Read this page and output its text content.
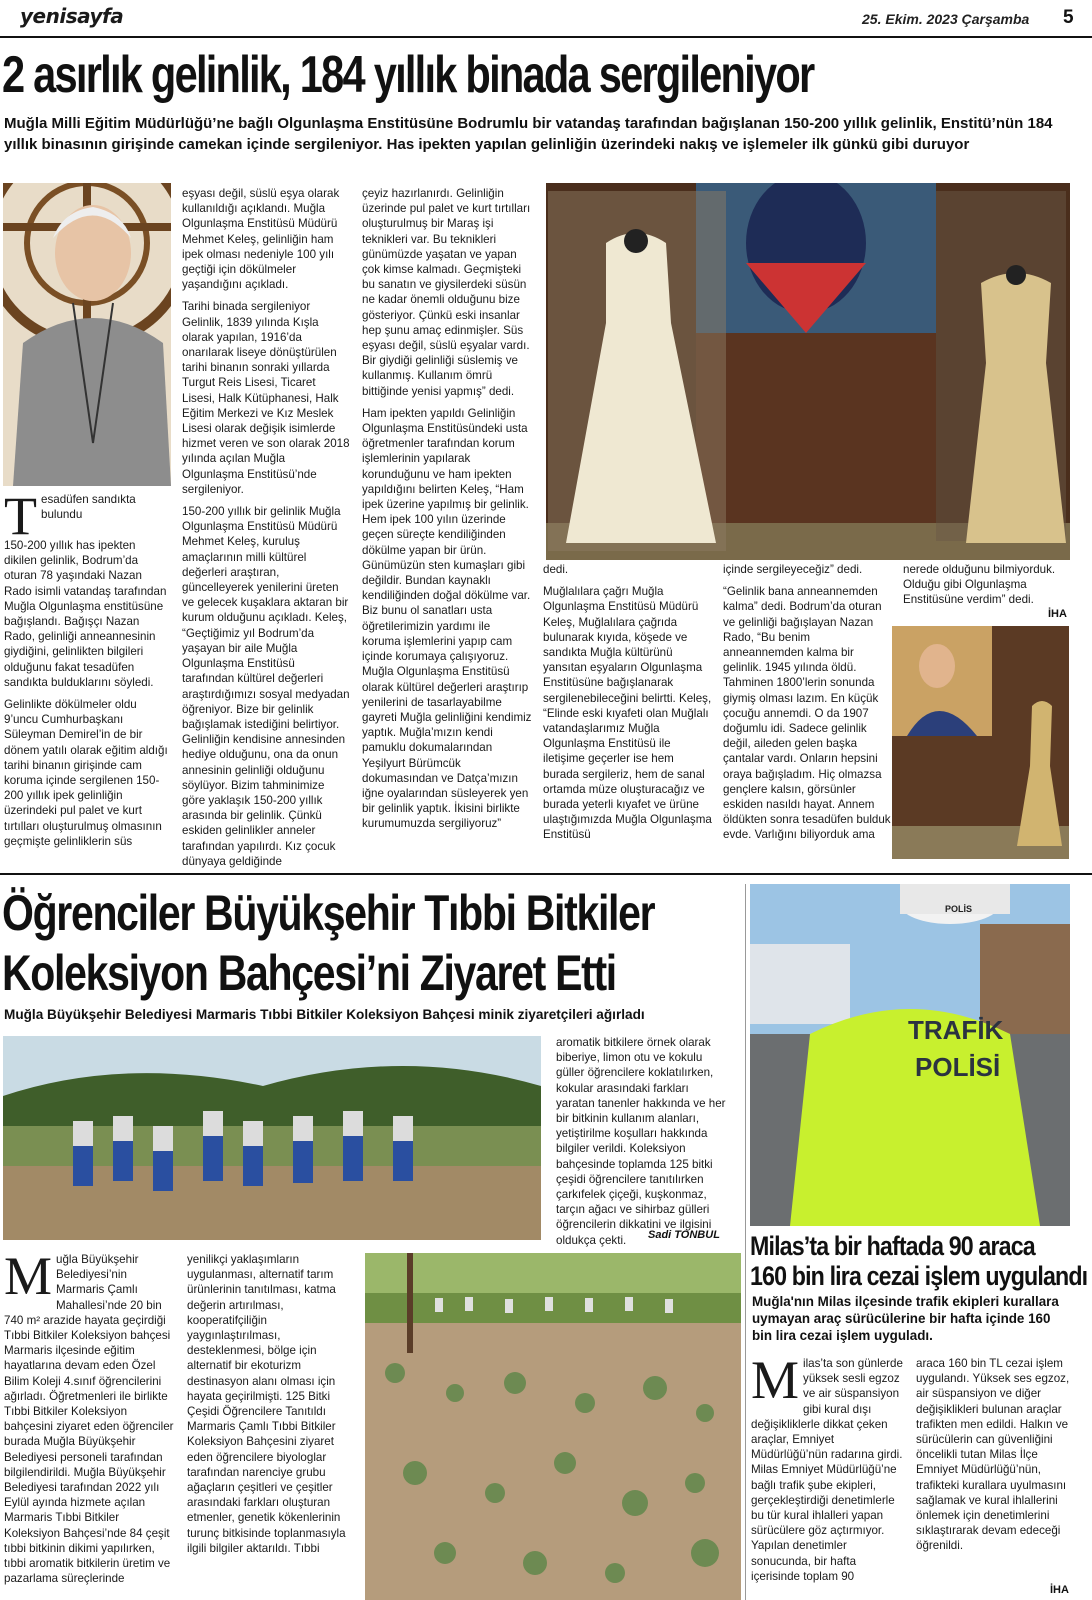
yenisayfa	25. Ekim. 2023 Çarşamba 5
2 asırlık gelinlik, 184 yıllık binada sergileniyor
Muğla Milli Eğitim Müdürlüğü’ne bağlı Olgunlaşma Enstitüsüne Bodrumlu bir vatandaş tarafından bağışlanan 150-200 yıllık gelinlik, Enstitü’nün 184 yıllık binasının girişinde camekan içinde sergileniyor. Has ipekten yapılan gelinliğin üzerindeki nakış ve işlemeler ilk günkü gibi duruyor

Tesadüfen sandıkta bulundu

150-200 yıllık has ipekten dikilen gelinlik, Bodrum’da oturan 78 yaşındaki Nazan Rado isimli vatandaş tarafından Muğla Olgunlaşma enstitüsüne bağışlandı. Bağışçı Nazan Rado, gelinliği anneannesinin giydiğini, gelinlikten bilgileri olduğunu fakat tesadüfen sandıkta bulduklarını söyledi.

Gelinlikte dökülmeler oldu 9’uncu Cumhurbaşkanı Süleyman Demirel’in de bir dönem yatılı olarak eğitim aldığı tarihi binanın girişinde cam koruma içinde sergilenen 150-200 yıllık ipek gelinliğin üzerindeki pul palet ve kurt tırtılları oluşturulmuş olmasının geçmişte gelinliklerin süs

eşyası değil, süslü eşya olarak kullanıldığı açıklandı. Muğla Olgunlaşma Enstitüsü Müdürü Mehmet Keleş, gelinliğin ham ipek olması nedeniyle 100 yılı geçtiği için dökülmeler yaşandığını açıkladı.

Tarihi binada sergileniyor Gelinlik, 1839 yılında Kışla olarak yapılan, 1916’da onarılarak liseye dönüştürülen tarihi binanın sonraki yıllarda Turgut Reis Lisesi, Ticaret Lisesi, Halk Kütüphanesi, Halk Eğitim Merkezi ve Kız Meslek Lisesi olarak değişik isimlerde hizmet veren ve son olarak 2018 yılında açılan Muğla Olgunlaşma Enstitüsü’nde sergileniyor.

150-200 yıllık bir gelinlik Muğla Olgunlaşma Enstitüsü Müdürü Mehmet Keleş, kuruluş amaçlarının milli kültürel değerleri araştıran, güncelleyerek yenilerini üreten ve gelecek kuşaklara aktaran bir kurum olduğunu açıkladı. Keleş, “Geçtiğimiz yıl Bodrum’da yaşayan bir aile Muğla Olgunlaşma Enstitüsü tarafından kültürel değerleri araştırdığımızı sosyal medyadan öğreniyor. Bize bir gelinlik bağışlamak istediğini belirtiyor. Gelinliğin kendisine annesinden hediye olduğunu, ona da onun annesinin gelinliği olduğunu söylüyor. Bizim tahminimize göre yaklaşık 150-200 yıllık arasında bir gelinlik. Çünkü eskiden gelinlikler anneler tarafından yapılırdı. Kız çocuk dünyaya geldiğinde

çeyiz hazırlanırdı. Gelinliğin üzerinde pul palet ve kurt tırtılları oluşturulmuş bir Maraş işi teknikleri var. Bu teknikleri günümüzde yaşatan ve yapan çok kimse kalmadı. Geçmişteki bu sanatın ve giysilerdeki süsün ne kadar önemli olduğunu bize gösteriyor. Çünkü eski insanlar hep şunu amaç edinmişler. Süs eşyası değil, süslü eşyalar vardı. Bir giydiği gelinliği süslemiş ve kullanmış. Kullanım ömrü bittiğinde yenisi yapmış” dedi.

Ham ipekten yapıldı Gelinliğin Olgunlaşma Enstitüsündeki usta öğretmenler tarafından korum işlemlerinin yapılarak korunduğunu ve ham ipekten yapıldığını belirten Keleş, “Ham ipek üzerine yapılmış bir gelinlik. Hem ipek 100 yılın üzerinde geçen süreçte kendiliğinden dökülme yapan bir ürün. Günümüzün sten kumaşları gibi değildir. Bundan kaynaklı kendiliğinden doğal dökülme var. Biz bunu ol sanatları usta öğretilerimizin yardımı ile koruma işlemlerini yapıp cam içinde korumaya çalışıyoruz. Muğla Olgunlaşma Enstitüsü olarak kültürel değerleri araştırıp yenilerini de tasarlayabilme gayreti Muğla gelinliğini kendimiz yaptık. Muğla’mızın kendi pamuklu dokumalarından Yeşilyurt Bürümcük dokumasından ve Datça’mızın iğne oyalarından süsleyerek yen bir gelinlik yaptık. İkisini birlikte kurumumuzda sergiliyoruz”

dedi.

Muğlalılara çağrı Muğla Olgunlaşma Enstitüsü Müdürü Keleş, Muğlalılara çağrıda bulunarak kıyıda, köşede ve sandıkta Muğla kültürünü yansıtan eşyaların Olgunlaşma Enstitüsüne bağışlanarak sergilenebileceğini belirtti. Keleş, “Elinde eski kıyafeti olan Muğlalı vatandaşlarımız Muğla Olgunlaşma Enstitüsü ile iletişime geçerler ise hem burada sergileriz, hem de sanal ortamda müze oluşturacağız ve burada yeterli kıyafet ve ürüne ulaştığımızda Muğla Olgunlaşma Enstitüsü

içinde sergileyeceğiz” dedi.

“Gelinlik bana anneannemden kalma” dedi. Bodrum’da oturan ve gelinliği bağışlayan Nazan Rado, “Bu benim anneannemden kalma bir gelinlik. 1945 yılında öldü. Tahminen 1800’lerin sonunda giymiş olması lazım. En küçük çocuğu annemdi. O da 1907 doğumlu idi. Sadece gelinlik değil, aileden gelen başka çantalar vardı. Onların hepsini oraya bağışladım. Hiç olmazsa gençlere kalsın, görsünler eskiden nasıldı hayat. Annem öldükten sonra tesadüfen bulduk evde. Varlığını biliyorduk ama

nerede olduğunu bilmiyorduk. Olduğu gibi Olgunlaşma Enstitüsüne verdim” dedi.

İHA
Öğrenciler Büyükşehir Tıbbi Bitkiler
Koleksiyon Bahçesi’ni Ziyaret Etti
Muğla Büyükşehir Belediyesi Marmaris Tıbbi Bitkiler Koleksiyon Bahçesi minik ziyaretçileri ağırladı

aromatik bitkilere örnek olarak biberiye, limon otu ve kokulu güller öğrencilere koklatılırken, kokular arasındaki farkları yaratan tanenler hakkında ve her bir bitkinin kullanım alanları, yetiştirilme koşulları hakkında bilgiler verildi. Koleksiyon bahçesinde toplamda 125 bitki çeşidi öğrencilere tanıtılırken çarkıfelek çiçeği, kuşkonmaz, tarçın ağacı ve sihirbaz gülleri öğrencilerin dikkatini ve ilgisini oldukça çekti.	Sadi TONBUL

Muğla Büyükşehir Belediyesi’nin Marmaris Çamlı Mahallesi’nde 20 bin 740 m² arazide hayata geçirdiği Tıbbi Bitkiler Koleksiyon bahçesi Marmaris ilçesinde eğitim hayatlarına devam eden Özel Bilim Koleji 4.sınıf öğrencilerini ağırladı. Öğretmenleri ile birlikte Tıbbi Bitkiler Koleksiyon bahçesini ziyaret eden öğrenciler burada Muğla Büyükşehir Belediyesi personeli tarafından bilgilendirildi. Muğla Büyükşehir Belediyesi tarafından 2022 yılı Eylül ayında hizmete açılan Marmaris Tıbbi Bitkiler Koleksiyon Bahçesi’nde 84 çeşit tıbbi bitkinin dikimi yapılırken, tıbbi aromatik bitkilerin üretim ve pazarlama süreçlerinde

yenilikçi yaklaşımların uygulanması, alternatif tarım ürünlerinin tanıtılması, katma değerin artırılması, kooperatifçiliğin yaygınlaştırılması, desteklenmesi, bölge için alternatif bir ekoturizm destinasyon alanı olması için hayata geçirilmişti. 125 Bitki Çeşidi Öğrencilere Tanıtıldı Marmaris Çamlı Tıbbi Bitkiler Koleksiyon Bahçesini ziyaret eden öğrencilere biyologlar tarafından narenciye grubu ağaçların çeşitleri ve çeşitler arasındaki farkları oluşturan etmenler, genetik kökenlerinin turunç bitkisinde toplanmasıyla ilgili bilgiler aktarıldı. Tıbbi

TRAFİK
POLİSİ
POLİS
Milas’ta bir haftada 90 araca
160 bin lira cezai işlem uygulandı
Muğla'nın Milas ilçesinde trafik ekipleri kurallara uymayan araç sürücülerine bir hafta içinde 160 bin lira cezai işlem uyguladı.

Milas’ta son günlerde yüksek sesli egzoz ve air süspansiyon gibi kural dışı değişikliklerle dikkat çeken araçlar, Emniyet Müdürlüğü’nün radarına girdi. Milas Emniyet Müdürlüğü’ne bağlı trafik şube ekipleri, gerçekleştirdiği denetimlerle bu tür kural ihlalleri yapan sürücülere göz açtırmıyor. Yapılan denetimler sonucunda, bir hafta içerisinde toplam 90

araca 160 bin TL cezai işlem uygulandı. Yüksek ses egzoz, air süspansiyon ve diğer değişiklikleri bulunan araçlar trafikten men edildi. Halkın ve sürücülerin can güvenliğini öncelikli tutan Milas İlçe Emniyet Müdürlüğü’nün, trafikteki kurallara uyulmasını sağlamak ve kural ihlallerini önlemek için denetimlerini sıklaştırarak devam edeceği öğrenildi.

İHA
